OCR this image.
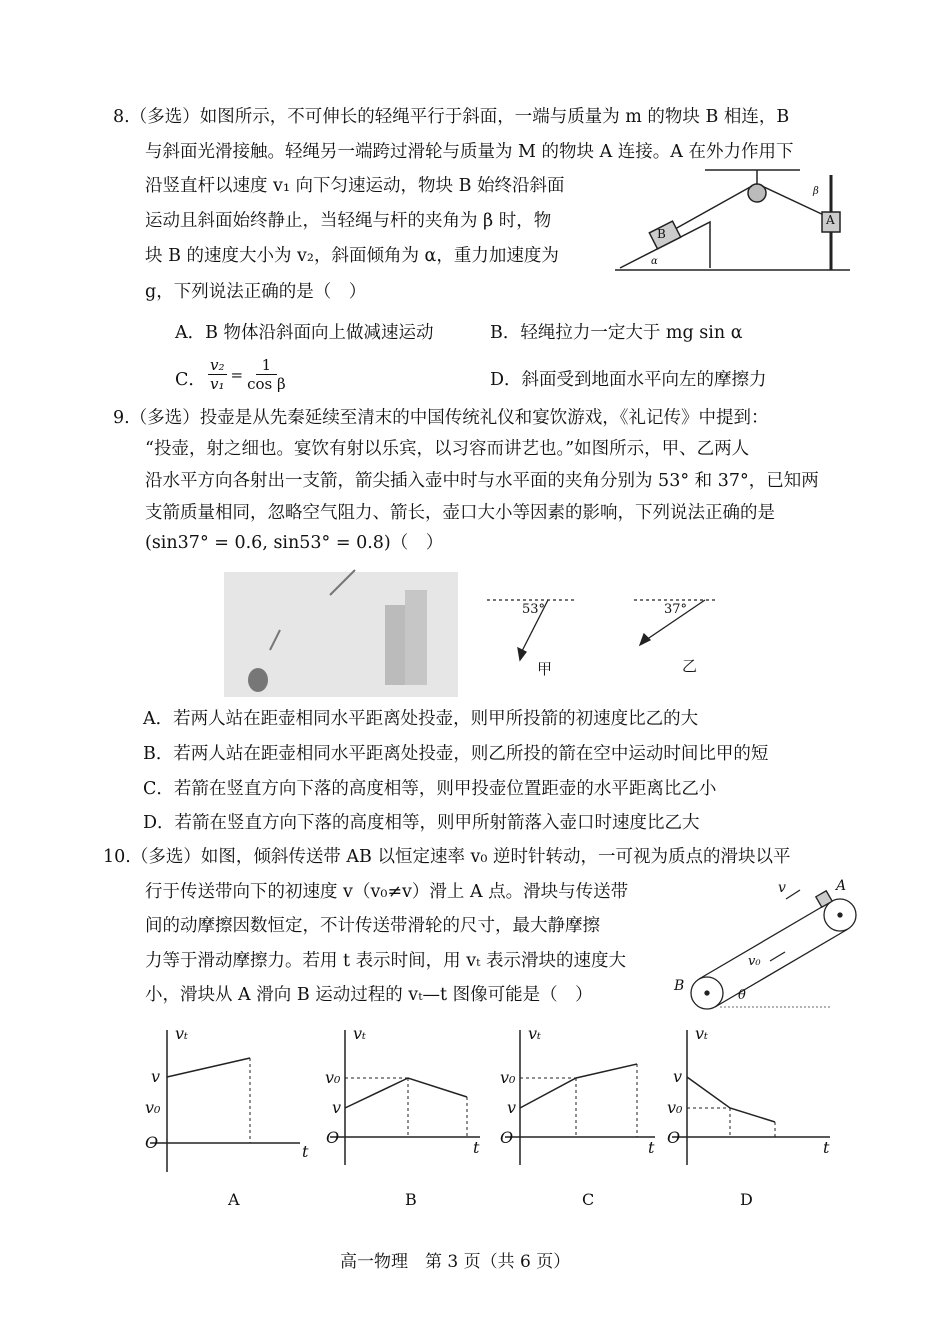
8.（多选）如图所示，不可伸长的轻绳平行于斜面，一端与质量为 m 的物块 B 相连，B
与斜面光滑接触。轻绳另一端跨过滑轮与质量为 M 的物块 A 连接。A 在外力作用下
沿竖直杆以速度 v₁ 向下匀速运动，物块 B 始终沿斜面
运动且斜面始终静止，当轻绳与杆的夹角为 β 时，物
块 B 的速度大小为 v₂，斜面倾角为 α，重力加速度为
g，下列说法正确的是（　）
A．B 物体沿斜面向上做减速运动	B．轻绳拉力一定大于 mg sin α
C． $\frac{\text{v₂}}{\text{v₁}} = \frac{1}{\text{cos β}}$	D．斜面受到地面水平向左的摩擦力
B
A
α
β
9.（多选）投壶是从先秦延续至清末的中国传统礼仪和宴饮游戏，《礼记传》中提到：
“投壶，射之细也。宴饮有射以乐宾，以习容而讲艺也。”如图所示，甲、乙两人
沿水平方向各射出一支箭，箭尖插入壶中时与水平面的夹角分别为 53° 和 37°，已知两
支箭质量相同，忽略空气阻力、箭长，壶口大小等因素的影响，下列说法正确的是
(sin37° = 0.6, sin53° = 0.8)（　）
53°	37°
甲	乙
A．若两人站在距壶相同水平距离处投壶，则甲所投箭的初速度比乙的大
B．若两人站在距壶相同水平距离处投壶，则乙所投的箭在空中运动时间比甲的短
C．若箭在竖直方向下落的高度相等，则甲投壶位置距壶的水平距离比乙小
D．若箭在竖直方向下落的高度相等，则甲所射箭落入壶口时速度比乙大
10.（多选）如图，倾斜传送带 AB 以恒定速率 v₀ 逆时针转动，一可视为质点的滑块以平
行于传送带向下的初速度 v（v₀≠v）滑上 A 点。滑块与传送带
间的动摩擦因数恒定，不计传送带滑轮的尺寸，最大静摩擦
力等于滑动摩擦力。若用 t 表示时间，用 vₜ 表示滑块的速度大
小，滑块从 A 滑向 B 运动过程的 vₜ—t 图像可能是（　）
A
B
v
v₀
θ
vₜ
v
v₀
O	t
A
vₜ
v₀
v
O
t
B
vₜ
v₀
v
O
t
C
vₜ
v
v₀
O
t
D
高一物理　第 3 页（共 6 页）
